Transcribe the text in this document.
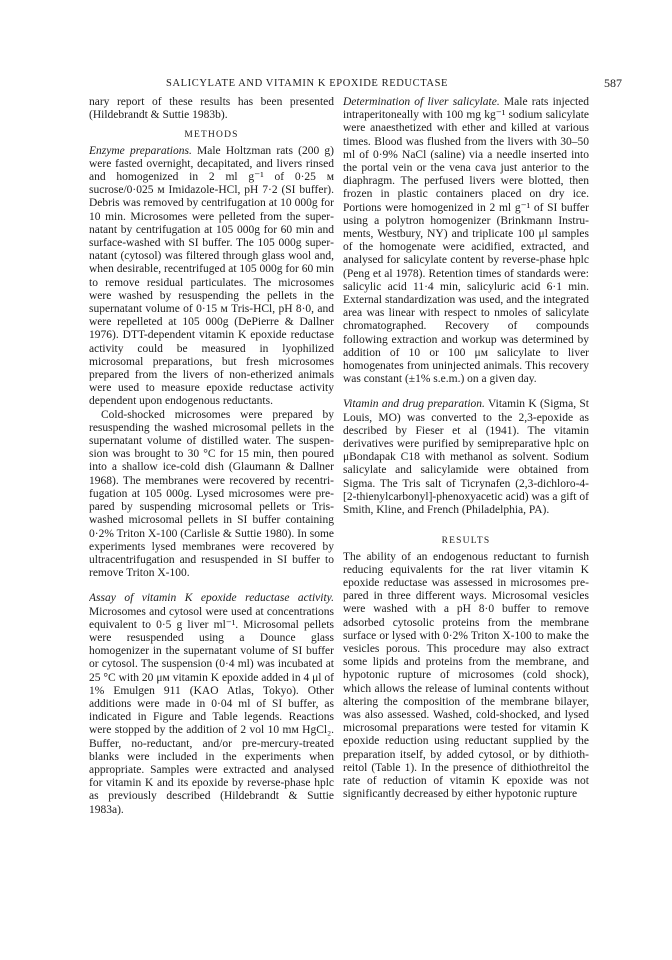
SALICYLATE AND VITAMIN K EPOXIDE REDUCTASE	587

nary report of these results has been presented (Hildebrandt & Suttie 1983b).

METHODS

Enzyme preparations. Male Holtzman rats (200 g) were fasted overnight, decapitated, and livers rinsed and homogenized in 2 ml g⁻¹ of 0·25 м sucrose/0·025 м Imidazole-HCl, pH 7·2 (SI buffer). Debris was removed by centrifugation at 10 000g for 10 min. Microsomes were pelleted from the supernatant by centrifugation at 105 000g for 60 min and surface-washed with SI buffer. The 105 000g supernatant (cytosol) was filtered through glass wool and, when desirable, recentrifuged at 105 000g for 60 min to remove residual particulates. The microsomes were washed by resuspending the pellets in the supernatant volume of 0·15 м Tris-HCl, pH 8·0, and were repelleted at 105 000g (DePierre & Dallner 1976). DTT-dependent vitamin K epoxide reductase activity could be measured in lyophilized microsomal preparations, but fresh microsomes prepared from the livers of non-etherized animals were used to measure epoxide reductase activity dependent upon endogenous reductants.

Cold-shocked microsomes were prepared by resuspending the washed microsomal pellets in the supernatant volume of distilled water. The suspension was brought to 30 °C for 15 min, then poured into a shallow ice-cold dish (Glaumann & Dallner 1968). The membranes were recovered by recentrifugation at 105 000g. Lysed microsomes were prepared by suspending microsomal pellets or Tris-washed microsomal pellets in SI buffer containing 0·2% Triton X-100 (Carlisle & Suttie 1980). In some experiments lysed membranes were recovered by ultracentrifugation and resuspended in SI buffer to remove Triton X-100.

Assay of vitamin K epoxide reductase activity. Microsomes and cytosol were used at concentrations equivalent to 0·5 g liver ml⁻¹. Microsomal pellets were resuspended using a Dounce glass homogenizer in the supernatant volume of SI buffer or cytosol. The suspension (0·4 ml) was incubated at 25 °C with 20 μм vitamin K epoxide added in 4 μl of 1% Emulgen 911 (KAO Atlas, Tokyo). Other additions were made in 0·04 ml of SI buffer, as indicated in Figure and Table legends. Reactions were stopped by the addition of 2 vol 10 mм HgCl₂. Buffer, no-reductant, and/or pre-mercury-treated blanks were included in the experiments when appropriate. Samples were extracted and analysed for vitamin K and its epoxide by reverse-phase hplc as previously described (Hildebrandt & Suttie 1983a).

Determination of liver salicylate. Male rats injected intraperitoneally with 100 mg kg⁻¹ sodium salicylate were anaesthetized with ether and killed at various times. Blood was flushed from the livers with 30–50 ml of 0·9% NaCl (saline) via a needle inserted into the portal vein or the vena cava just anterior to the diaphragm. The perfused livers were blotted, then frozen in plastic containers placed on dry ice. Portions were homogenized in 2 ml g⁻¹ of SI buffer using a polytron homogenizer (Brinkmann Instruments, Westbury, NY) and triplicate 100 μl samples of the homogenate were acidified, extracted, and analysed for salicylate content by reverse-phase hplc (Peng et al 1978). Retention times of standards were: salicylic acid 11·4 min, salicyluric acid 6·1 min. External standardization was used, and the integrated area was linear with respect to nmoles of salicylate chromatographed. Recovery of compounds following extraction and workup was determined by addition of 10 or 100 μм salicylate to liver homogenates from uninjected animals. This recovery was constant (±1% s.e.m.) on a given day.

Vitamin and drug preparation. Vitamin K (Sigma, St Louis, MO) was converted to the 2,3-epoxide as described by Fieser et al (1941). The vitamin derivatives were purified by semipreparative hplc on μBondapak C18 with methanol as solvent. Sodium salicylate and salicylamide were obtained from Sigma. The Tris salt of Ticrynafen (2,3-dichloro-4-[2-thienylcarbonyl]-phenoxyacetic acid) was a gift of Smith, Kline, and French (Philadelphia, PA).

RESULTS

The ability of an endogenous reductant to furnish reducing equivalents for the rat liver vitamin K epoxide reductase was assessed in microsomes prepared in three different ways. Microsomal vesicles were washed with a pH 8·0 buffer to remove adsorbed cytosolic proteins from the membrane surface or lysed with 0·2% Triton X-100 to make the vesicles porous. This procedure may also extract some lipids and proteins from the membrane, and hypotonic rupture of microsomes (cold shock), which allows the release of luminal contents without altering the composition of the membrane bilayer, was also assessed. Washed, cold-shocked, and lysed microsomal preparations were tested for vitamin K epoxide reduction using reductant supplied by the preparation itself, by added cytosol, or by dithiothreitol (Table 1). In the presence of dithiothreitol the rate of reduction of vitamin K epoxide was not significantly decreased by either hypotonic rupture
